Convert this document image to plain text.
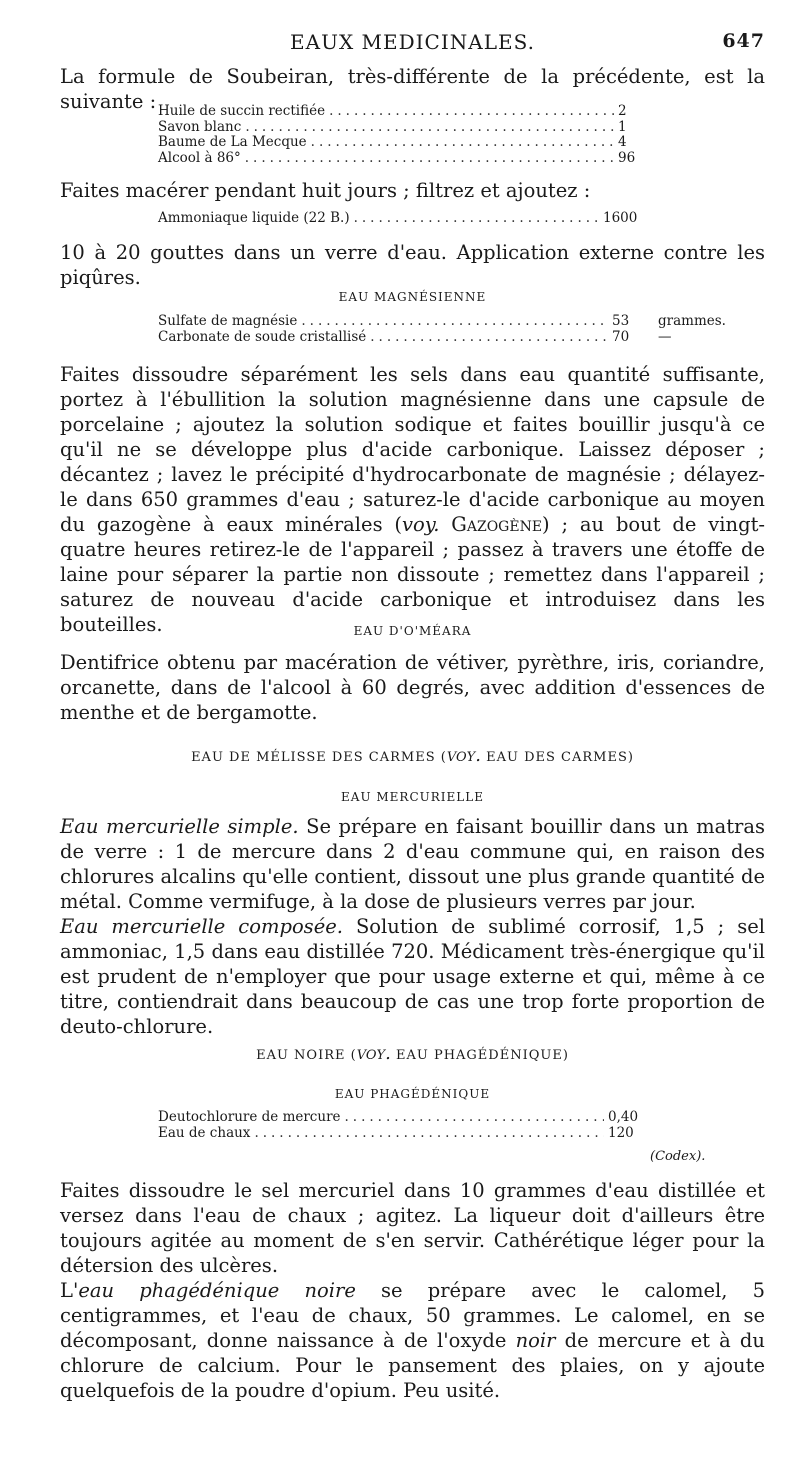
EAUX MEDICINALES.	647

La formule de Soubeiran, très-différente de la précédente, est la suivante : Huile de succin rectifiée .....	2
Savon blanc .....	1
Baume de La Mecque .....	4
Alcool à 86° .....	96

Faites macérer pendant huit jours ; filtrez et ajoutez :

Ammoniaque liquide (22 B.) .....	1600

10 à 20 gouttes dans un verre d'eau. Application externe contre les piqûres.

EAU MAGNÉSIENNE
Sulfate de magnésie .....	53	grammes.
Carbonate de soude cristallisé .....	70	—

Faites dissoudre séparément les sels dans eau quantité suffisante, portez à l'ébullition la solution magnésienne dans une capsule de porcelaine ; ajoutez la solution sodique et faites bouillir jusqu'à ce qu'il ne se développe plus d'acide carbonique. Laissez déposer ; décantez ; lavez le précipité d'hydrocarbonate de magnésie ; délayez-le dans 650 grammes d'eau ; saturez-le d'acide carbonique au moyen du gazogène à eaux minérales (voy. Gazogène) ; au bout de vingt-quatre heures retirez-le de l'appareil ; passez à travers une étoffe de laine pour séparer la partie non dissoute ; remettez dans l'appareil ; saturez de nouveau d'acide carbonique et introduisez dans les bouteilles.	EAU D'O'MÉARA

Dentifrice obtenu par macération de vétiver, pyrèthre, iris, coriandre, orcanette, dans de l'alcool à 60 degrés, avec addition d'essences de menthe et de bergamotte.

EAU DE MÉLISSE DES CARMES (voy. EAU DES CARMES)
EAU MERCURIELLE

Eau mercurielle simple. Se prépare en faisant bouillir dans un matras de verre : 1 de mercure dans 2 d'eau commune qui, en raison des chlorures alcalins qu'elle contient, dissout une plus grande quantité de métal. Comme vermifuge, à la dose de plusieurs verres par jour.

Eau mercurielle composée. Solution de sublimé corrosif, 1,5 ; sel ammoniac, 1,5 dans eau distillée 720. Médicament très-énergique qu'il est prudent de n'employer que pour usage externe et qui, même à ce titre, contiendrait dans beaucoup de cas une trop forte proportion de deuto-chlorure.

EAU NOIRE (voy. EAU PHAGÉDÉNIQUE)
EAU PHAGÉDÉNIQUE
Deutochlorure de mercure .....	0,40
Eau de chaux .....	120
(Codex).

Faites dissoudre le sel mercuriel dans 10 grammes d'eau distillée et versez dans l'eau de chaux ; agitez. La liqueur doit d'ailleurs être toujours agitée au moment de s'en servir. Cathérétique léger pour la détersion des ulcères.

L'eau phagédénique noire se prépare avec le calomel, 5 centigrammes, et l'eau de chaux, 50 grammes. Le calomel, en se décomposant, donne naissance à de l'oxyde noir de mercure et à du chlorure de calcium. Pour le pansement des plaies, on y ajoute quelquefois de la poudre d'opium. Peu usité.
